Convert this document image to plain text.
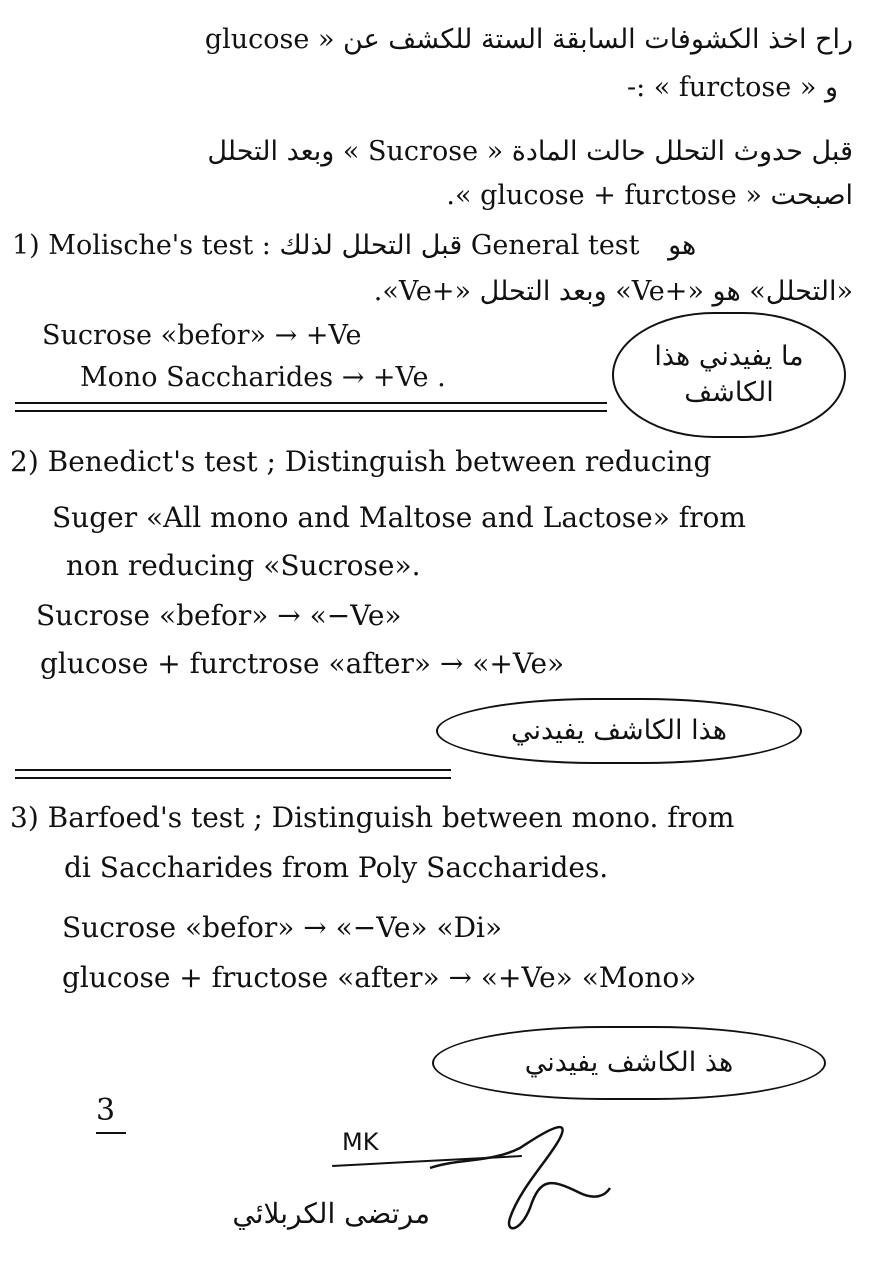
راح اخذ الكشوفات السابقة الستة للكشف عن « glucose
و « furctose » :-
قبل حدوث التحلل حالت المادة « Sucrose » وبعد التحلل
اصبحت « glucose + furctose ».
1) Molische's test : قبل التحلل لذلك General test هو
«التحلل» هو «+Ve» وبعد التحلل «+Ve».
Sucrose «befor» → +Ve
Mono Saccharides → +Ve .
ما يفيدني هذا الكاشف
2) Benedict's test ; Distinguish between reducing
Suger «All mono and Maltose and Lactose» from
non reducing «Sucrose».
Sucrose «befor» → «−Ve»
glucose + furctrose «after» → «+Ve»
هذا الكاشف يفيدني
3) Barfoed's test ; Distinguish between mono. from
di Saccharides from Poly Saccharides.
Sucrose «befor» → «−Ve» «Di»
glucose + fructose «after» → «+Ve» «Mono»
هذ الكاشف يفيدني
3
MK
مرتضى الكربلائي
